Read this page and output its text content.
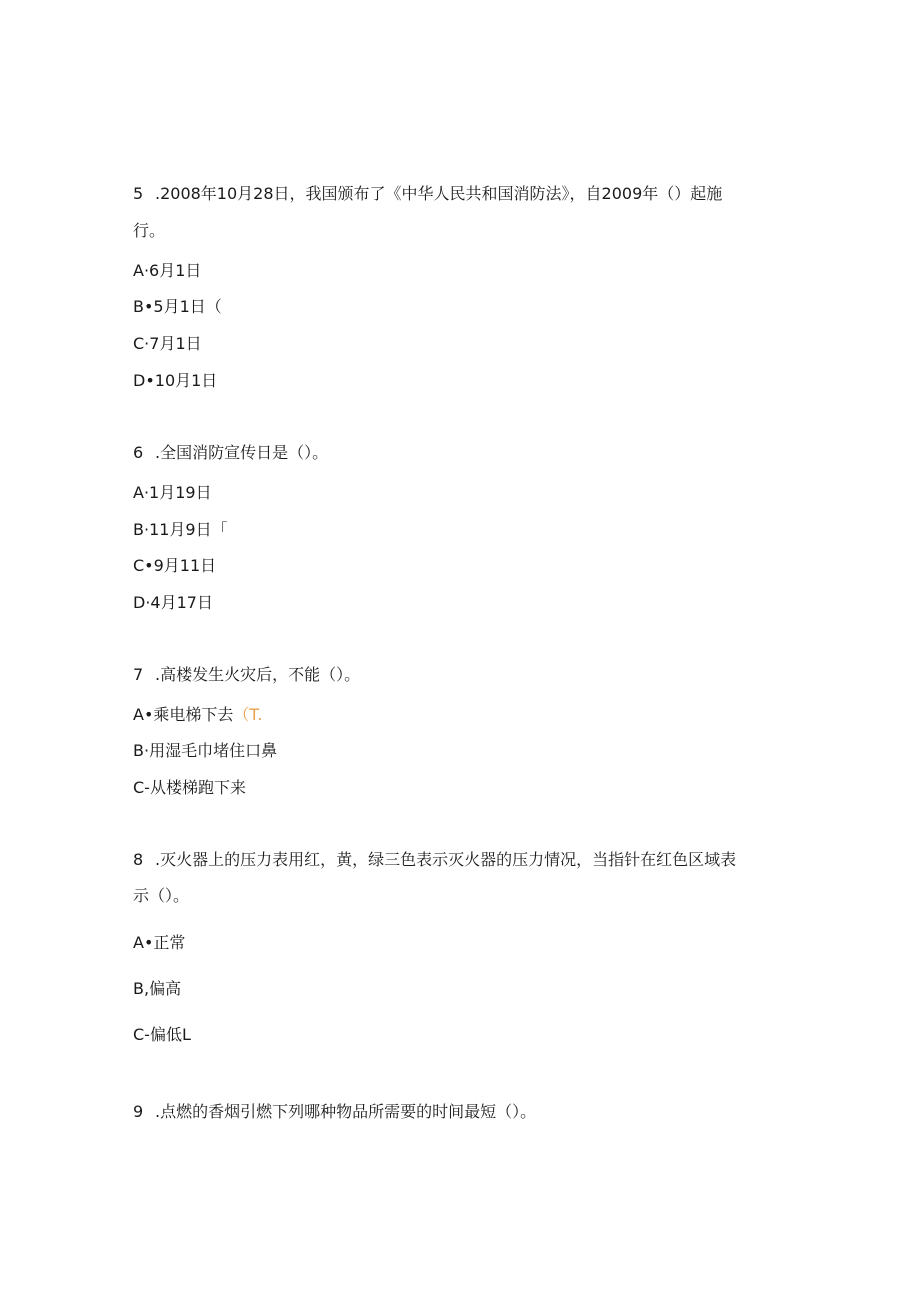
5 .2008年10月28日，我国颁布了《中华人民共和国消防法》，自2009年（）起施
行。
A·6月1日
B•5月1日（
C·7月1日
D•10月1日
6 .全国消防宣传日是（）。
A·1月19日
B·11月9日「
C•9月11日
D·4月17日
7 .高楼发生火灾后，不能（）。
A•乘电梯下去（T.
B·用湿毛巾堵住口鼻
C-从楼梯跑下来
8 .灭火器上的压力表用红，黄，绿三色表示灭火器的压力情况，当指针在红色区域表
示（）。
A•正常
B,偏高
C-偏低L
9 .点燃的香烟引燃下列哪种物品所需要的时间最短（）。
